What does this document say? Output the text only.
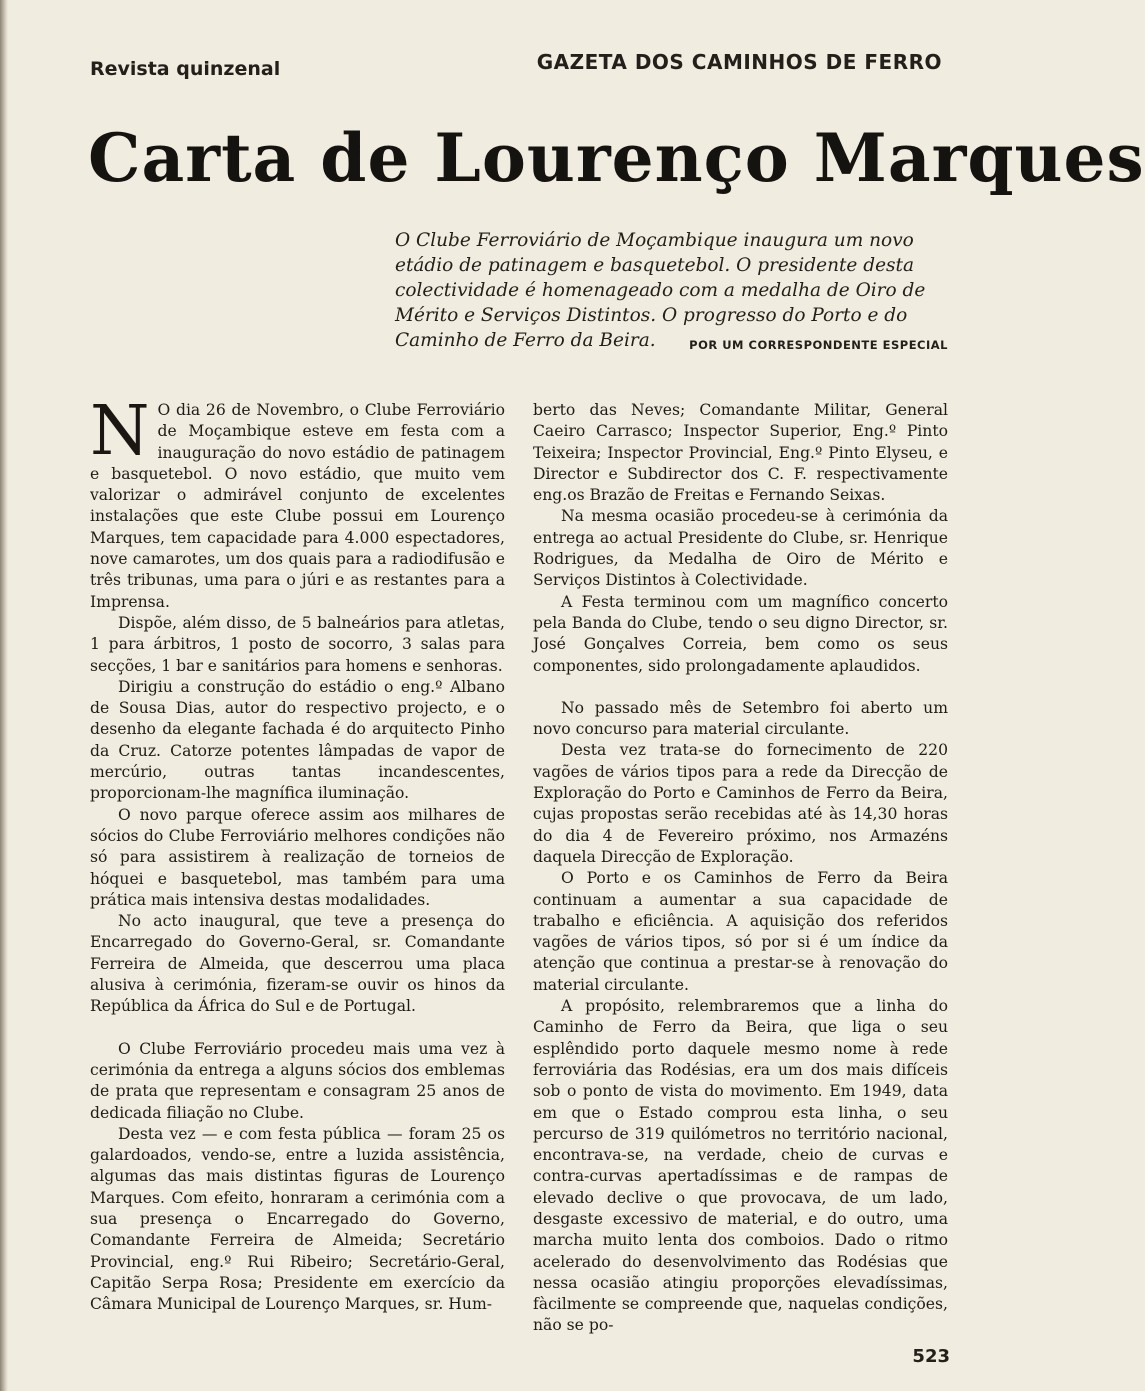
Revista quinzenal	GAZETA DOS CAMINHOS DE FERRO
Carta de Lourenço Marques

O Clube Ferroviário de Moçambique inaugura um novo etádio de patinagem e basquetebol. O presidente desta colectividade é homenageado com a medalha de Oiro de Mérito e Serviços Distintos. O progresso do Porto e do Caminho de Ferro da Beira.	POR UM CORRESPONDENTE ESPECIAL

N O dia 26 de Novembro, o Clube Ferroviário de Moçambique esteve em festa com a inauguração do novo estádio de patinagem e basquetebol. O novo estádio, que muito vem valorizar o admirável conjunto de excelentes instalações que este Clube possui em Lourenço Marques, tem capacidade para 4.000 espectadores, nove camarotes, um dos quais para a radiodifusão e três tribunas, uma para o júri e as restantes para a Imprensa.

Dispõe, além disso, de 5 balneários para atletas, 1 para árbitros, 1 posto de socorro, 3 salas para secções, 1 bar e sanitários para homens e senhoras.

Dirigiu a construção do estádio o eng.º Albano de Sousa Dias, autor do respectivo projecto, e o desenho da elegante fachada é do arquitecto Pinho da Cruz. Catorze potentes lâmpadas de vapor de mercúrio, outras tantas incandescentes, proporcionam-lhe magnífica iluminação.

O novo parque oferece assim aos milhares de sócios do Clube Ferroviário melhores condições não só para assistirem à realização de torneios de hóquei e basquetebol, mas também para uma prática mais intensiva destas modalidades.

No acto inaugural, que teve a presença do Encarregado do Governo-Geral, sr. Comandante Ferreira de Almeida, que descerrou uma placa alusiva à cerimónia, fizeram-se ouvir os hinos da República da África do Sul e de Portugal.

O Clube Ferroviário procedeu mais uma vez à cerimónia da entrega a alguns sócios dos emblemas de prata que representam e consagram 25 anos de dedicada filiação no Clube.

Desta vez — e com festa pública — foram 25 os galardoados, vendo-se, entre a luzida assistência, algumas das mais distintas figuras de Lourenço Marques. Com efeito, honraram a cerimónia com a sua presença o Encarregado do Governo, Comandante Ferreira de Almeida; Secretário Provincial, eng.º Rui Ribeiro; Secretário-Geral, Capitão Serpa Rosa; Presidente em exercício da Câmara Municipal de Lourenço Marques, sr. Hum-

berto das Neves; Comandante Militar, General Caeiro Carrasco; Inspector Superior, Eng.º Pinto Teixeira; Inspector Provincial, Eng.º Pinto Elyseu, e Director e Subdirector dos C. F. respectivamente eng.os Brazão de Freitas e Fernando Seixas.

Na mesma ocasião procedeu-se à cerimónia da entrega ao actual Presidente do Clube, sr. Henrique Rodrigues, da Medalha de Oiro de Mérito e Serviços Distintos à Colectividade.

A Festa terminou com um magnífico concerto pela Banda do Clube, tendo o seu digno Director, sr. José Gonçalves Correia, bem como os seus componentes, sido prolongadamente aplaudidos.

No passado mês de Setembro foi aberto um novo concurso para material circulante.

Desta vez trata-se do fornecimento de 220 vagões de vários tipos para a rede da Direcção de Exploração do Porto e Caminhos de Ferro da Beira, cujas propostas serão recebidas até às 14,30 horas do dia 4 de Fevereiro próximo, nos Armazéns daquela Direcção de Exploração.

O Porto e os Caminhos de Ferro da Beira continuam a aumentar a sua capacidade de trabalho e eficiência. A aquisição dos referidos vagões de vários tipos, só por si é um índice da atenção que continua a prestar-se à renovação do material circulante.

A propósito, relembraremos que a linha do Caminho de Ferro da Beira, que liga o seu esplêndido porto daquele mesmo nome à rede ferroviária das Rodésias, era um dos mais difíceis sob o ponto de vista do movimento. Em 1949, data em que o Estado comprou esta linha, o seu percurso de 319 quilómetros no território nacional, encontrava-se, na verdade, cheio de curvas e contra-curvas apertadíssimas e de rampas de elevado declive o que provocava, de um lado, desgaste excessivo de material, e do outro, uma marcha muito lenta dos comboios. Dado o ritmo acelerado do desenvolvimento das Rodésias que nessa ocasião atingiu proporções elevadíssimas, fàcilmente se compreende que, naquelas condições, não se po-

523
